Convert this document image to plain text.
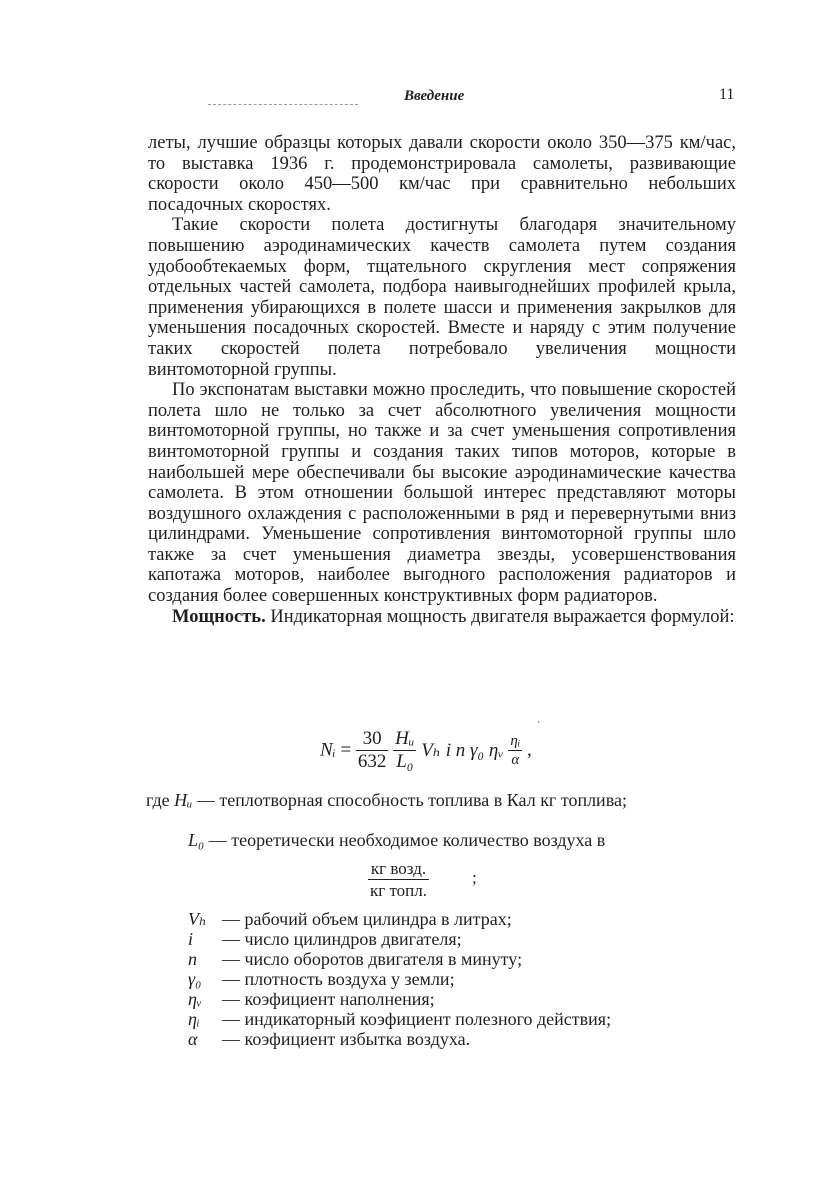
Введение	11

леты, лучшие образцы которых давали скорости около 350—375 км/час, то выставка 1936 г. продемонстрировала самолеты, развивающие скорости около 450—500 км/час при сравнительно небольших посадочных скоростях.

Такие скорости полета достигнуты благодаря значительному повышению аэродинамических качеств самолета путем создания удобообтекаемых форм, тщательного скругления мест сопряжения отдельных частей самолета, подбора наивыгоднейших профилей крыла, применения убирающихся в полете шасси и применения закрылков для уменьшения посадочных скоростей. Вместе и наряду с этим получение таких скоростей полета потребовало увеличения мощности винтомоторной группы.

По экспонатам выставки можно проследить, что повышение скоростей полета шло не только за счет абсолютного увеличения мощности винтомоторной группы, но также и за счет уменьшения сопротивления винтомоторной группы и создания таких типов моторов, которые в наибольшей мере обеспечивали бы высокие аэродинамические качества самолета. В этом отношении большой интерес представляют моторы воздушного охлаждения с расположенными в ряд и перевернутыми вниз цилиндрами. Уменьшение сопротивления винтомоторной группы шло также за счет уменьшения диаметра звезды, усовершенствования капотажа моторов, наиболее выгодного расположения радиаторов и создания более совершенных конструктивных форм радиаторов.

Мощность. Индикаторная мощность двигателя выражается формулой:

ʼ
Nᵢ = $\frac{30}{632}$
$\frac{\text{Hᵤ}}{\text{L₀}}$ Vₕ i n γ₀ ηᵥ $\frac{\text{ηᵢ}}{\alpha}$ ,
где Hᵤ — теплотворная способность топлива в Кал кг топлива;
L₀ — теоретически необходимое количество воздуха в
$\frac{\text{кг возд.}}{\text{кг топл.}}$	;
Vₕ — рабочий объем цилиндра в литрах;
i — число цилиндров двигателя;
n — число оборотов двигателя в минуту;
γ₀ — плотность воздуха у земли;
ηᵥ — коэфициент наполнения;
ηᵢ — индикаторный коэфициент полезного действия;
α — коэфициент избытка воздуха.
